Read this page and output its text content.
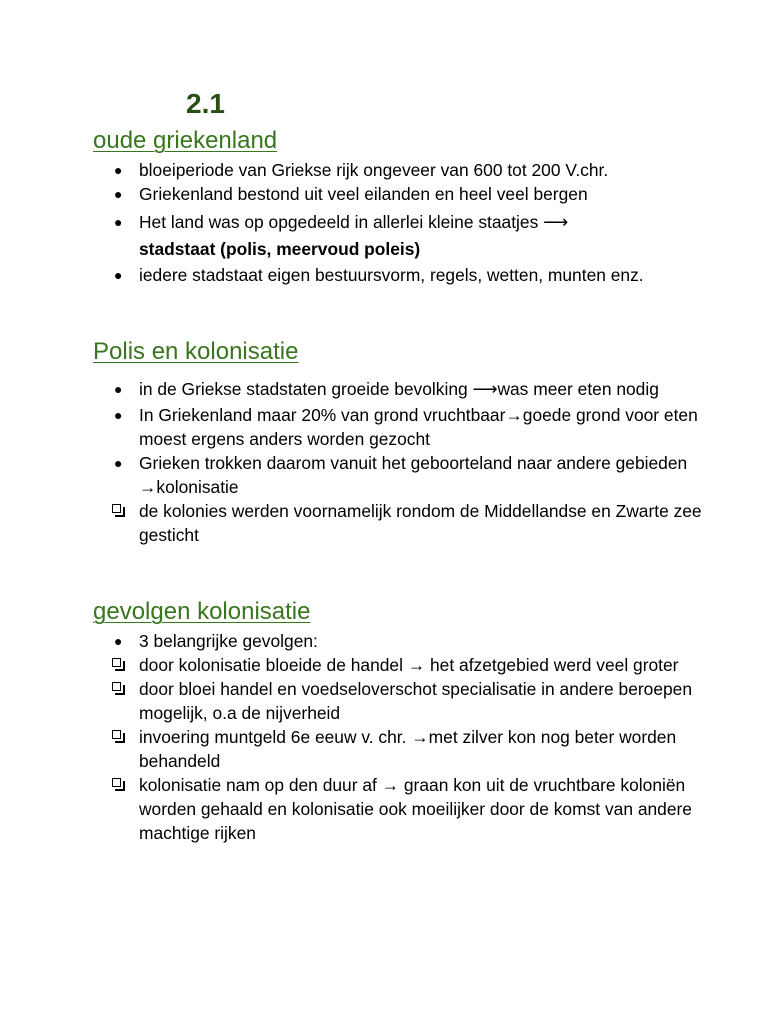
2.1
oude griekenland
● bloeiperiode van Griekse rijk ongeveer van 600 tot 200 V.chr.
● Griekenland bestond uit veel eilanden en heel veel bergen
● Het land was op opgedeeld in allerlei kleine staatjes ⟶
stadstaat (polis, meervoud poleis)
● iedere stadstaat eigen bestuursvorm, regels, wetten, munten enz.
Polis en kolonisatie
● in de Griekse stadstaten groeide bevolking ⟶was meer eten nodig
● In Griekenland maar 20% van grond vruchtbaar→goede grond voor eten moest ergens anders worden gezocht
● Grieken trokken daarom vanuit het geboorteland naar andere gebieden →kolonisatie
de kolonies werden voornamelijk rondom de Middellandse en Zwarte zee gesticht
gevolgen kolonisatie
● 3 belangrijke gevolgen:
door kolonisatie bloeide de handel → het afzetgebied werd veel groter
door bloei handel en voedseloverschot specialisatie in andere beroepen mogelijk, o.a de nijverheid
invoering muntgeld 6e eeuw v. chr. →met zilver kon nog beter worden behandeld
kolonisatie nam op den duur af → graan kon uit de vruchtbare koloniën worden gehaald en kolonisatie ook moeilijker door de komst van andere machtige rijken
